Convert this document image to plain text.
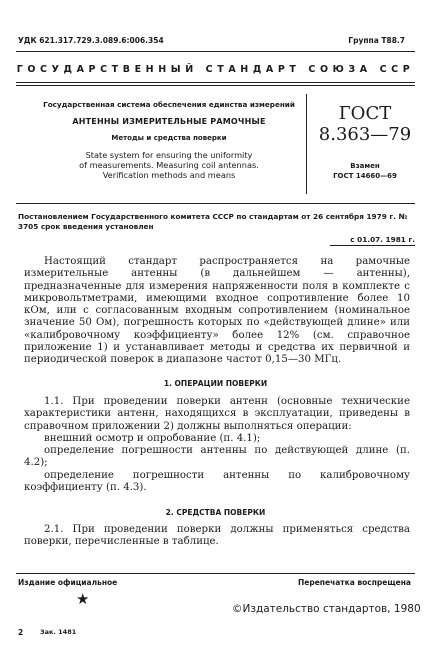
УДК 621.317.729.3.089.6:006.354	Группа Т88.7
ГОСУДАРСТВЕННЫЙ СТАНДАРТ СОЮЗА ССР
Государственная система обеспечения единства измерений
АНТЕННЫ ИЗМЕРИТЕЛЬНЫЕ РАМОЧНЫЕ
Методы и средства поверки
State system for ensuring the uniformity
of measurements. Measuring coil antennas.
Verification methods and means
ГОСТ
8.363—79
Взамен
ГОСТ 14660—69
Постановлением Государственного комитета СССР по стандартам от 26 сентября 1979 г. № 3705 срок введения установлен
с 01.07. 1981 г.

Настоящий стандарт распространяется на рамочные измерительные антенны (в дальнейшем — антенны), предназначенные для измерения напряженности поля в комплекте с микровольтметрами, имеющими входное сопротивление более 10 кОм, или с согласованным входным сопротивлением (номинальное значение 50 Ом), погрешность которых по «действующей длине» или «калибровочному коэффициенту» более 12% (см. справочное приложение 1) и устанавливает методы и средства их первичной и периодической поверок в диапазоне частот 0,15—30 МГц.

1. ОПЕРАЦИИ ПОВЕРКИ

1.1. При проведении поверки антенн (основные технические характеристики антенн, находящихся в эксплуатации, приведены в справочном приложении 2) должны выполняться операции:

внешний осмотр и опробование (п. 4.1);

определение погрешности антенны по действующей длине (п. 4.2);

определение погрешности антенны по калибровочному коэффициенту (п. 4.3).

2. СРЕДСТВА ПОВЕРКИ

2.1. При проведении поверки должны применяться средства поверки, перечисленные в таблице.

Издание официальное	Перепечатка воспрещена
★
©Издательство стандартов, 1980
2	Зак. 1481
